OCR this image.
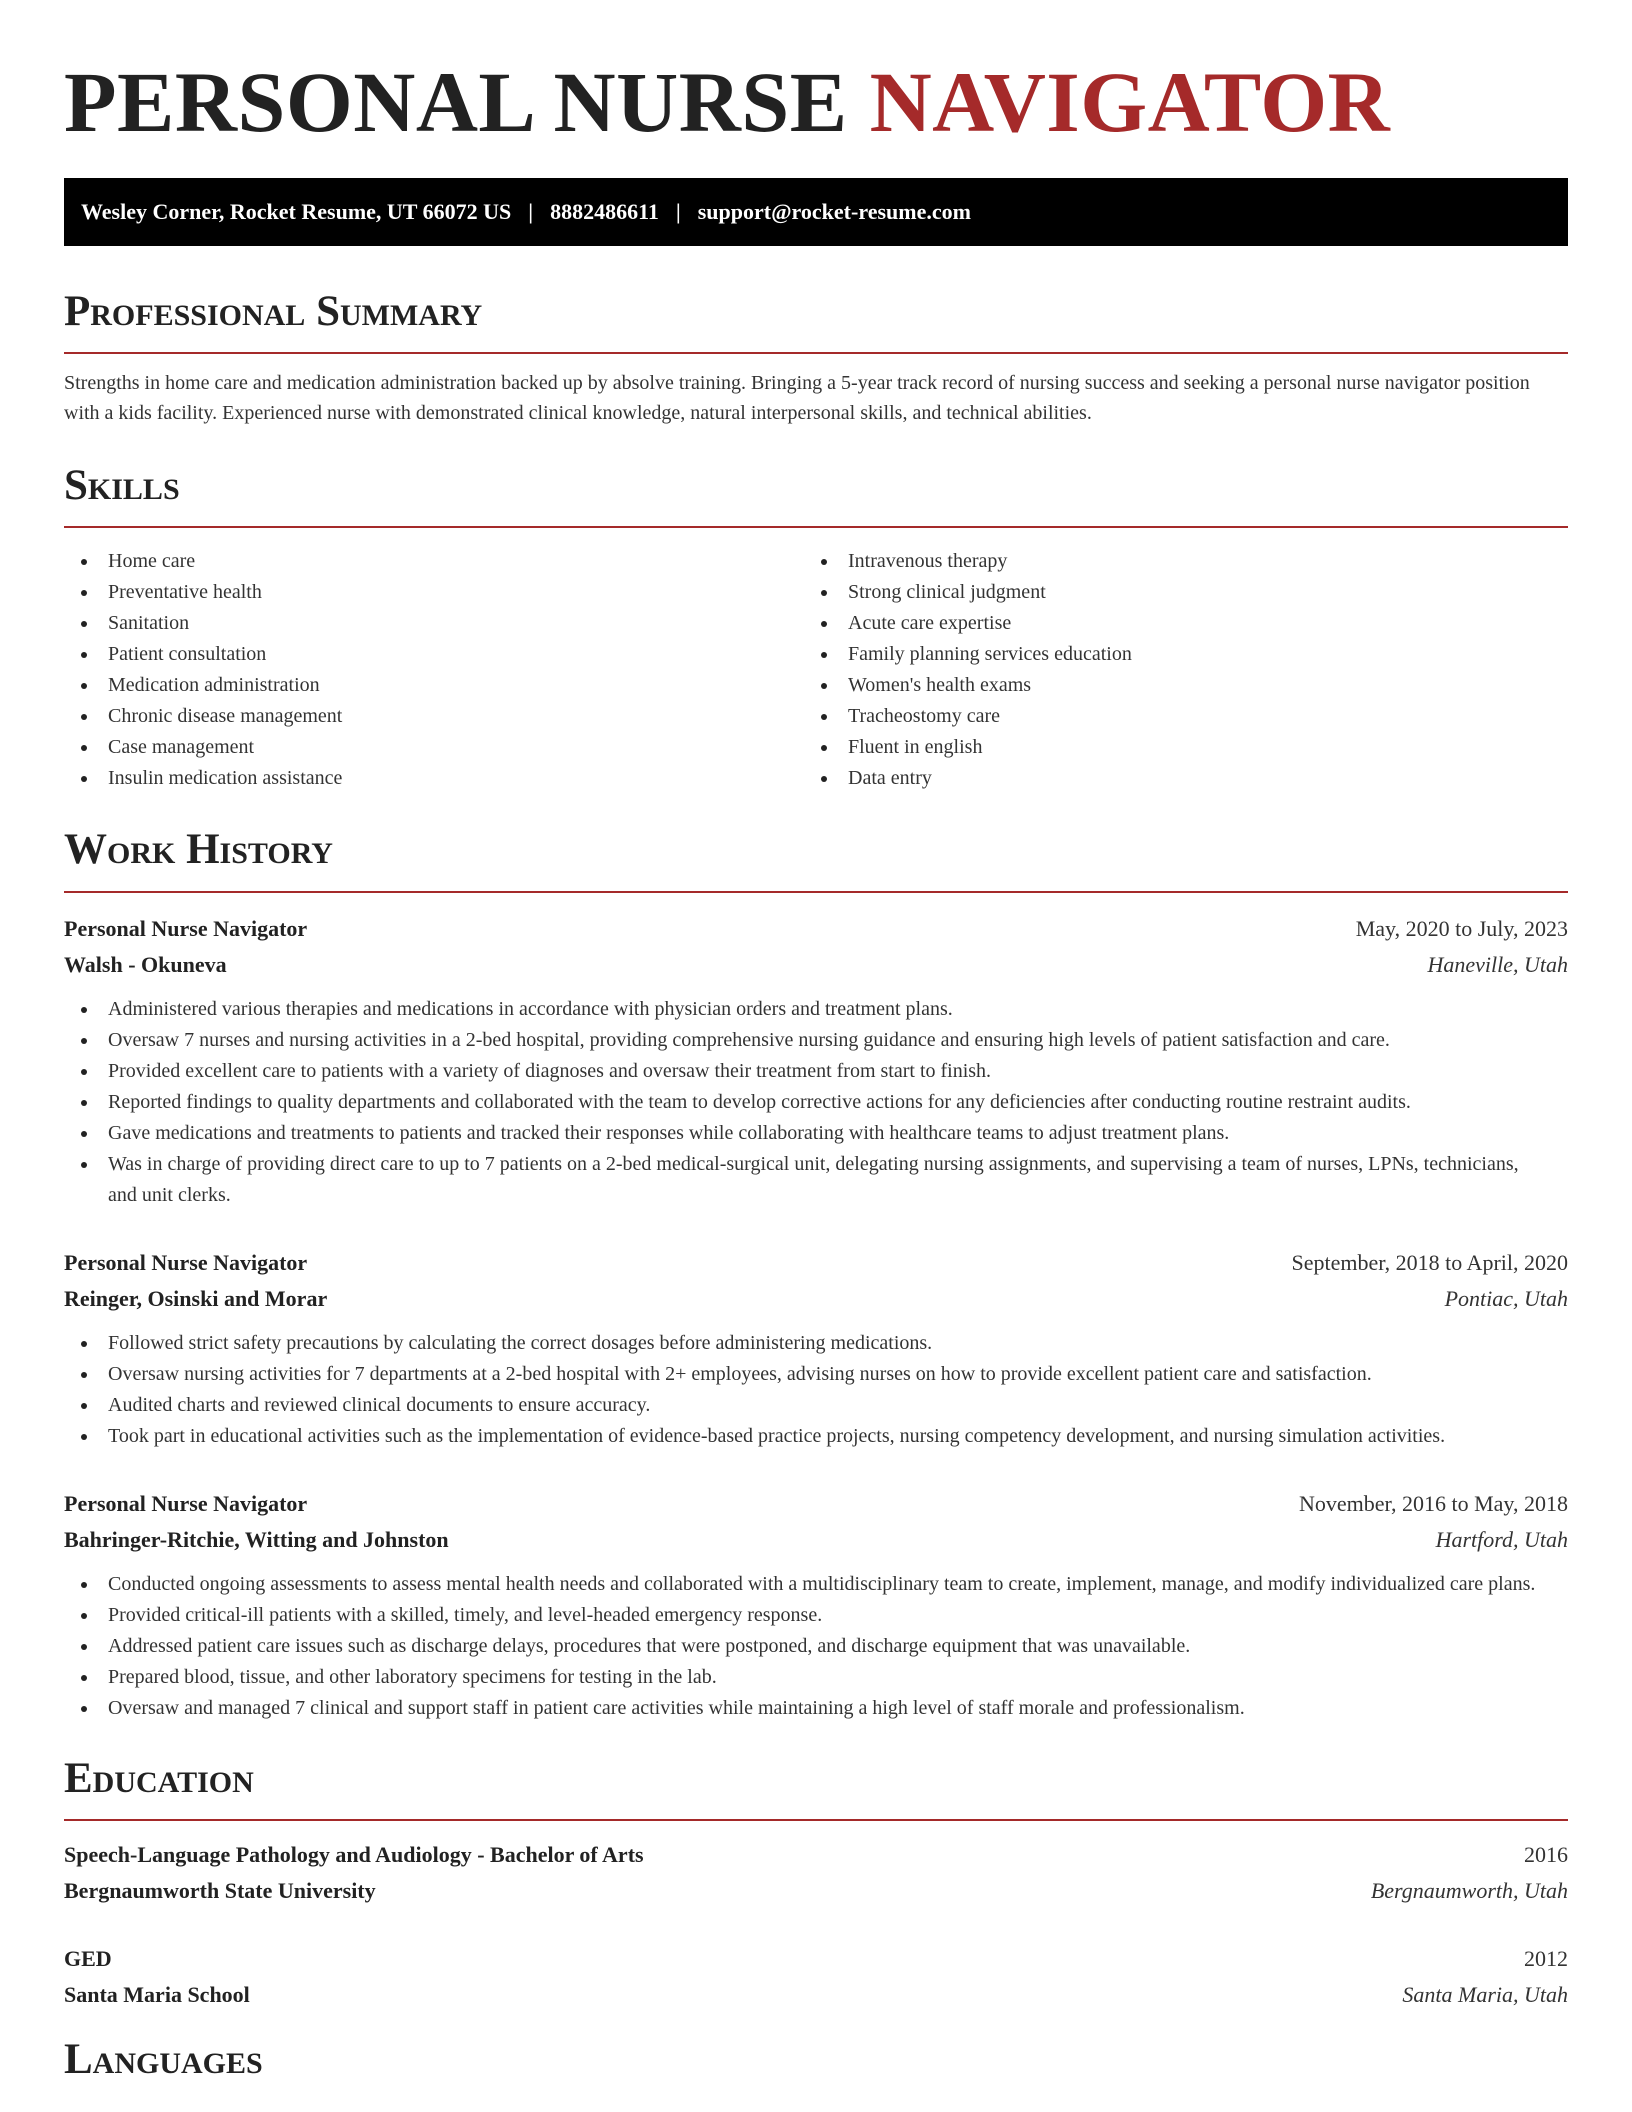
PERSONAL NURSE NAVIGATOR
Wesley Corner, Rocket Resume, UT 66072 US | 8882486611 | support@rocket-resume.com
Professional Summary
Strengths in home care and medication administration backed up by absolve training. Bringing a 5-year track record of nursing success and seeking a personal nurse navigator position with a kids facility. Experienced nurse with demonstrated clinical knowledge, natural interpersonal skills, and technical abilities.
Skills
Home care
Preventative health
Sanitation
Patient consultation
Medication administration
Chronic disease management
Case management
Insulin medication assistance
Intravenous therapy
Strong clinical judgment
Acute care expertise
Family planning services education
Women's health exams
Tracheostomy care
Fluent in english
Data entry
Work History
Personal Nurse Navigator	May, 2020 to July, 2023
Walsh - Okuneva	Haneville, Utah
Administered various therapies and medications in accordance with physician orders and treatment plans.
Oversaw 7 nurses and nursing activities in a 2-bed hospital, providing comprehensive nursing guidance and ensuring high levels of patient satisfaction and care.
Provided excellent care to patients with a variety of diagnoses and oversaw their treatment from start to finish.
Reported findings to quality departments and collaborated with the team to develop corrective actions for any deficiencies after conducting routine restraint audits.
Gave medications and treatments to patients and tracked their responses while collaborating with healthcare teams to adjust treatment plans.
Was in charge of providing direct care to up to 7 patients on a 2-bed medical-surgical unit, delegating nursing assignments, and supervising a team of nurses, LPNs, technicians, and unit clerks.
Personal Nurse Navigator	September, 2018 to April, 2020
Reinger, Osinski and Morar	Pontiac, Utah
Followed strict safety precautions by calculating the correct dosages before administering medications.
Oversaw nursing activities for 7 departments at a 2-bed hospital with 2+ employees, advising nurses on how to provide excellent patient care and satisfaction.
Audited charts and reviewed clinical documents to ensure accuracy.
Took part in educational activities such as the implementation of evidence-based practice projects, nursing competency development, and nursing simulation activities.
Personal Nurse Navigator	November, 2016 to May, 2018
Bahringer-Ritchie, Witting and Johnston	Hartford, Utah
Conducted ongoing assessments to assess mental health needs and collaborated with a multidisciplinary team to create, implement, manage, and modify individualized care plans.
Provided critical-ill patients with a skilled, timely, and level-headed emergency response.
Addressed patient care issues such as discharge delays, procedures that were postponed, and discharge equipment that was unavailable.
Prepared blood, tissue, and other laboratory specimens for testing in the lab.
Oversaw and managed 7 clinical and support staff in patient care activities while maintaining a high level of staff morale and professionalism.
Education
Speech-Language Pathology and Audiology - Bachelor of Arts	2016
Bergnaumworth State University	Bergnaumworth, Utah
GED	2012
Santa Maria School	Santa Maria, Utah
Languages
